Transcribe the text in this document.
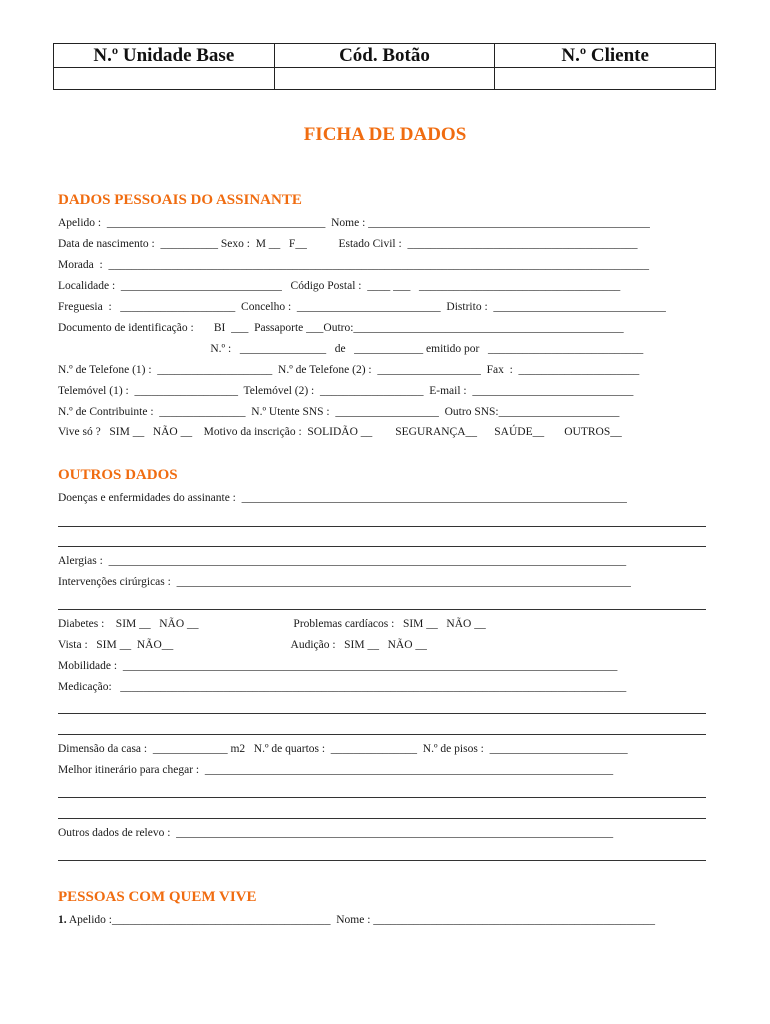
N.º Unidade Base	Cód. Botão	N.º Cliente

FICHA DE DADOS
DADOS PESSOAIS DO ASSINANTE
Apelido :  ______________________________________  Nome : _________________________________________________
Data de nascimento :  __________ Sexo :  M __   F__           Estado Civil :  ________________________________________
Morada  :  ______________________________________________________________________________________________
Localidade :  ____________________________   Código Postal :  ____ ___   ___________________________________
Freguesia  :   ____________________  Concelho :  _________________________  Distrito :  ______________________________
Documento de identificação :       BI  ___  Passaporte ___Outro:_______________________________________________
N.º :   _______________   de   ____________ emitido por   ___________________________
N.º de Telefone (1) :  ____________________  N.º de Telefone (2) :  __________________  Fax  :  _____________________
Telemóvel (1) :  __________________  Telemóvel (2) :  __________________  E-mail :  ____________________________
N.º de Contribuinte :  _______________  N.º Utente SNS :  __________________  Outro SNS:_____________________
Vive só ?   SIM __   NÃO __    Motivo da inscrição :  SOLIDÃO __        SEGURANÇA__      SAÚDE__       OUTROS__
OUTROS DADOS
Doenças e enfermidades do assinante :  ___________________________________________________________________
Alergias :  __________________________________________________________________________________________
Intervenções cirúrgicas :  _______________________________________________________________________________
Diabetes :    SIM __   NÃO __                                 Problemas cardíacos :   SIM __   NÃO __
Vista :   SIM __  NÃO__                                         Audição :   SIM __   NÃO __
Mobilidade :  ______________________________________________________________________________________
Medicação:   ________________________________________________________________________________________
Dimensão da casa :  _____________ m2   N.º de quartos :  _______________  N.º de pisos :  ________________________
Melhor itinerário para chegar :  _______________________________________________________________________
Outros dados de relevo :  ____________________________________________________________________________
PESSOAS COM QUEM VIVE
1. Apelido :______________________________________  Nome : _________________________________________________
